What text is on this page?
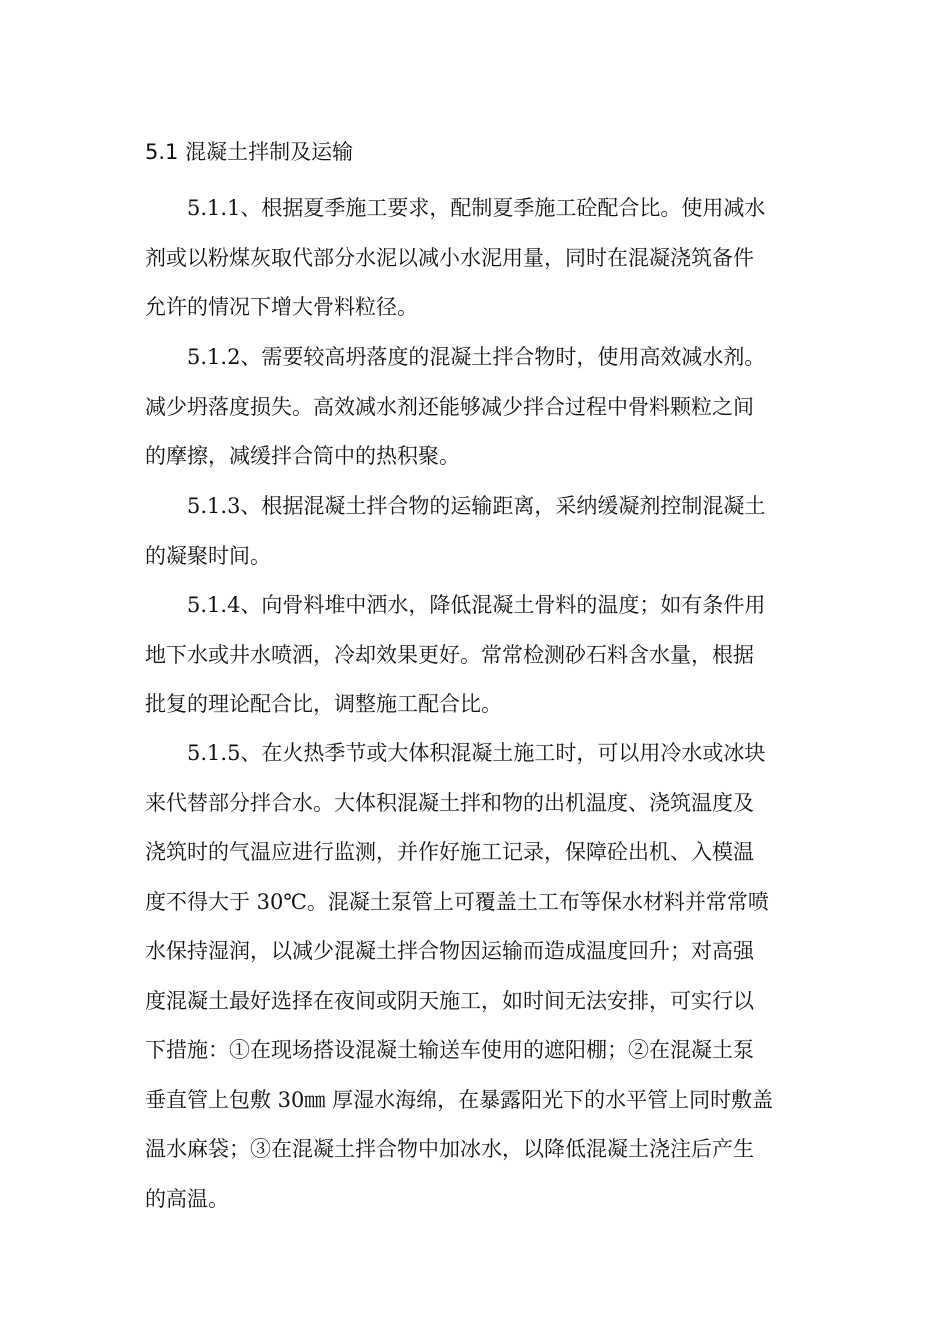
5.1 混凝土拌制及运输
5.1.1、根据夏季施工要求，配制夏季施工砼配合比。使用减水
剂或以粉煤灰取代部分水泥以减小水泥用量，同时在混凝浇筑备件
允许的情况下增大骨料粒径。
5.1.2、需要较高坍落度的混凝土拌合物时，使用高效减水剂。
减少坍落度损失。高效减水剂还能够减少拌合过程中骨料颗粒之间
的摩擦，减缓拌合筒中的热积聚。
5.1.3、根据混凝土拌合物的运输距离，采纳缓凝剂控制混凝土
的凝聚时间。
5.1.4、向骨料堆中洒水，降低混凝土骨料的温度；如有条件用
地下水或井水喷洒，冷却效果更好。常常检测砂石料含水量，根据
批复的理论配合比，调整施工配合比。
5.1.5、在火热季节或大体积混凝土施工时，可以用冷水或冰块
来代替部分拌合水。大体积混凝土拌和物的出机温度、浇筑温度及
浇筑时的气温应进行监测，并作好施工记录，保障砼出机、入模温
度不得大于 30℃。混凝土泵管上可覆盖土工布等保水材料并常常喷
水保持湿润，以减少混凝土拌合物因运输而造成温度回升；对高强
度混凝土最好选择在夜间或阴天施工，如时间无法安排，可实行以
下措施：①在现场搭设混凝土输送车使用的遮阳棚；②在混凝土泵
垂直管上包敷 30㎜ 厚湿水海绵，在暴露阳光下的水平管上同时敷盖
温水麻袋；③在混凝土拌合物中加冰水，以降低混凝土浇注后产生
的高温。
